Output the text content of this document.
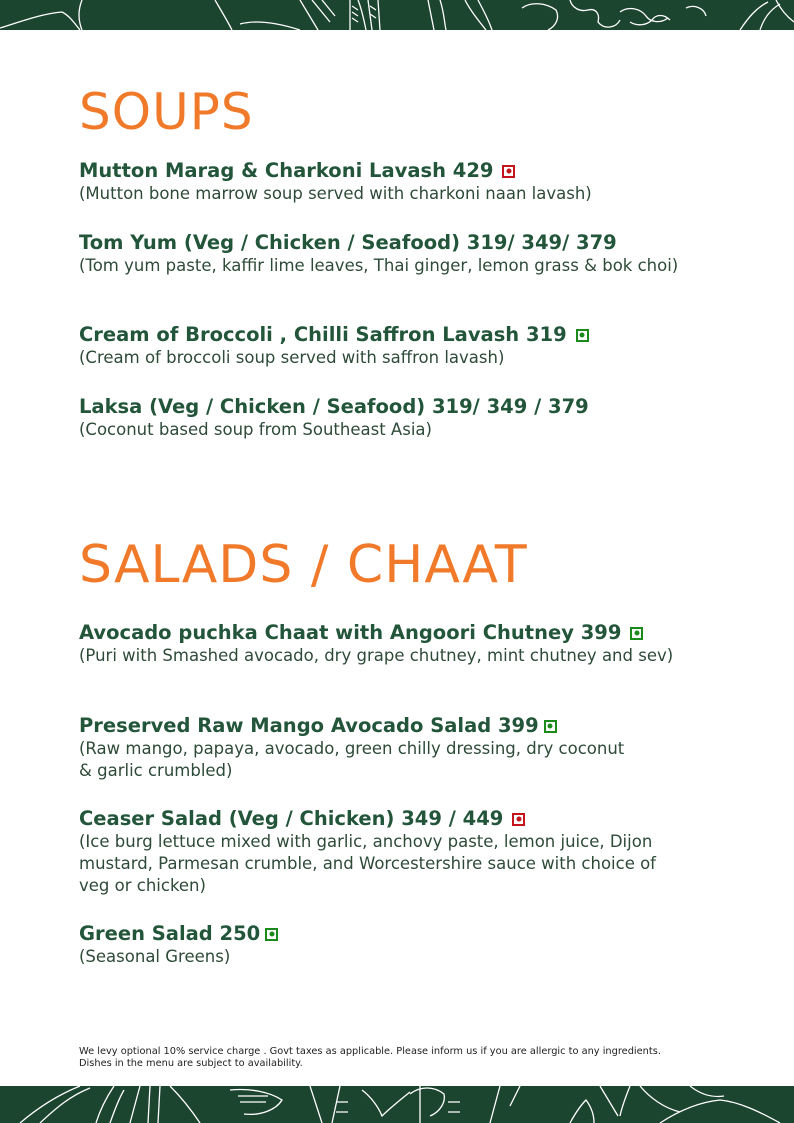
SOUPS
Mutton Marag & Charkoni Lavash 429
(Mutton bone marrow soup served with charkoni naan lavash)
Tom Yum (Veg / Chicken / Seafood) 319/ 349/ 379
(Tom yum paste, kaffir lime leaves, Thai ginger, lemon grass & bok choi)
Cream of Broccoli , Chilli Saffron Lavash 319
(Cream of broccoli soup served with saffron lavash)
Laksa (Veg / Chicken / Seafood) 319/ 349 / 379
(Coconut based soup from Southeast Asia)
SALADS / CHAAT
Avocado puchka Chaat with Angoori Chutney 399
(Puri with Smashed avocado, dry grape chutney, mint chutney and sev)
Preserved Raw Mango Avocado Salad 399
(Raw mango, papaya, avocado, green chilly dressing, dry coconut & garlic crumbled)
Ceaser Salad (Veg / Chicken) 349 / 449
(Ice burg lettuce mixed with garlic, anchovy paste, lemon juice, Dijon mustard, Parmesan crumble, and Worcestershire sauce with choice of veg or chicken)
Green Salad 250
(Seasonal Greens)
We levy optional 10% service charge . Govt taxes as applicable. Please inform us if you are allergic to any ingredients.
Dishes in the menu are subject to availability.
